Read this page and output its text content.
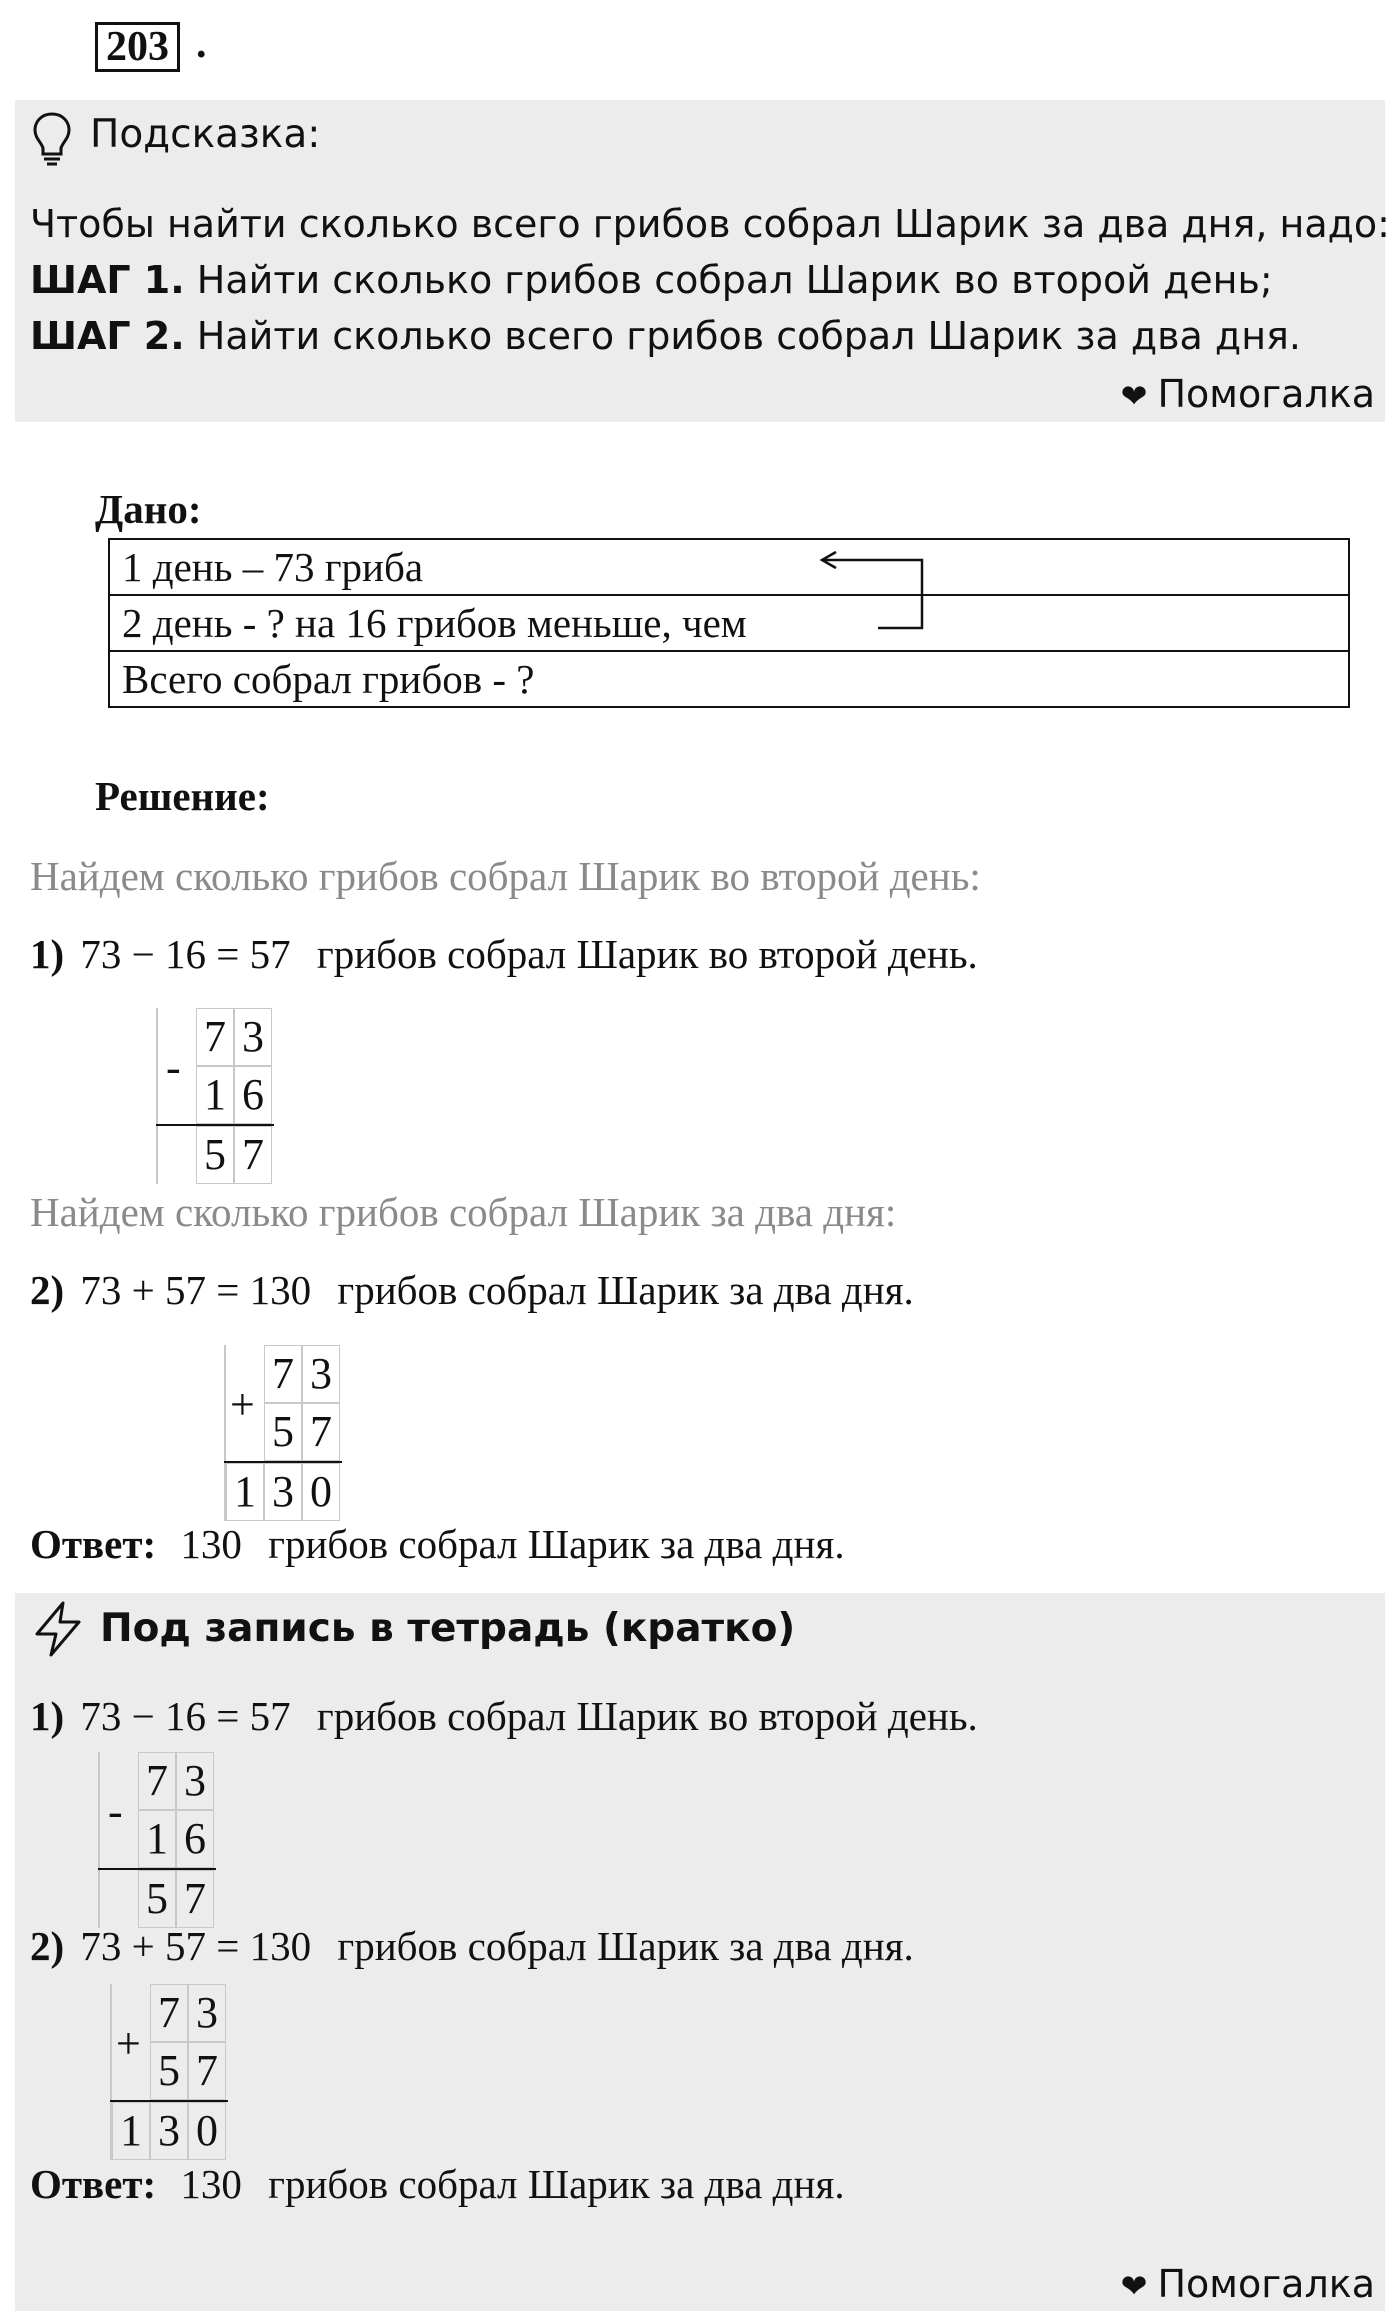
203 .
Подсказка:
Чтобы найти сколько всего грибов собрал Шарик за два дня, надо:
ШАГ 1. Найти сколько грибов собрал Шарик во второй день;
ШАГ 2. Найти сколько всего грибов собрал Шарик за два дня.
❤ Помогалка
Дано:
1 день – 73 гриба
2 день - ? на 16 грибов меньше, чем
Всего собрал грибов - ?
Решение:
Найдем сколько грибов собрал Шарик во второй день:
1) 73 − 16 = 57 грибов собрал Шарик во второй день.
-
7 3
1 6
5 7
Найдем сколько грибов собрал Шарик за два дня:
2) 73 + 57 = 130 грибов собрал Шарик за два дня.
+
7 3
5 7
1 3 0
Ответ: 130 грибов собрал Шарик за два дня.
Под запись в тетрадь (кратко)
1) 73 − 16 = 57 грибов собрал Шарик во второй день.
-
7 3
1 6
5 7
2) 73 + 57 = 130 грибов собрал Шарик за два дня.
+
7 3
5 7
1 3 0
Ответ: 130 грибов собрал Шарик за два дня.
❤ Помогалка
